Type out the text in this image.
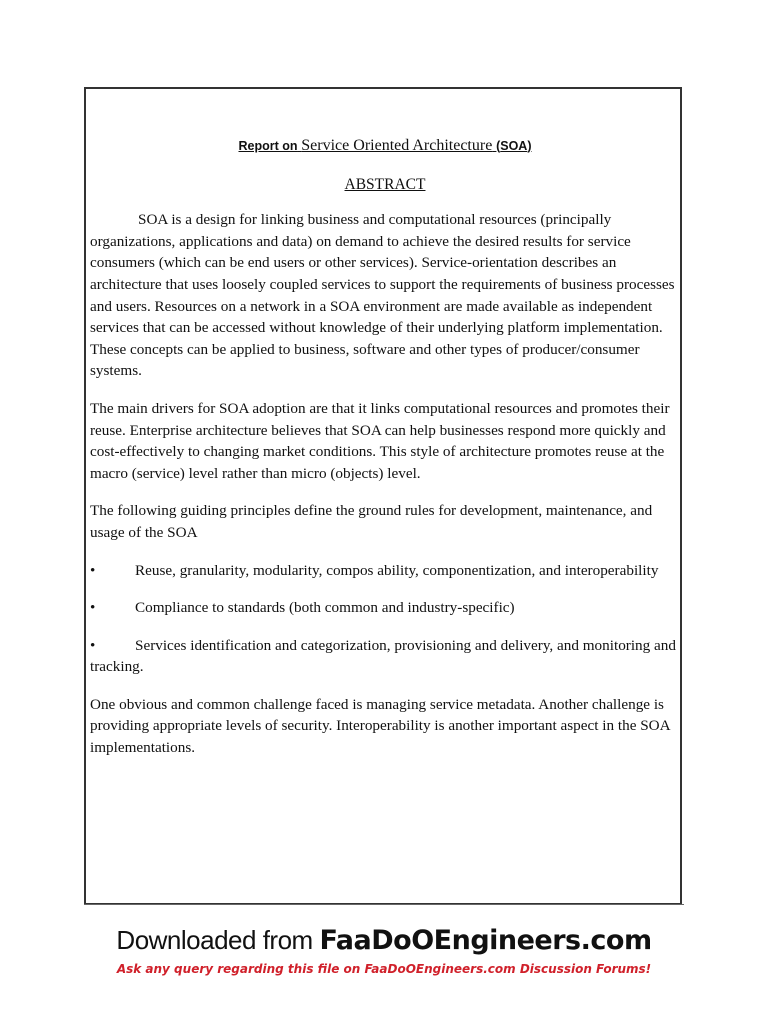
Report on Service Oriented Architecture (SOA)
ABSTRACT

SOA is a design for linking business and computational resources (principally organizations, applications and data) on demand to achieve the desired results for service consumers (which can be end users or other services). Service-orientation describes an architecture that uses loosely coupled services to support the requirements of business processes and users. Resources on a network in a SOA environment are made available as independent services that can be accessed without knowledge of their underlying platform implementation. These concepts can be applied to business, software and other types of producer/consumer systems.

The main drivers for SOA adoption are that it links computational resources and promotes their reuse. Enterprise architecture believes that SOA can help businesses respond more quickly and cost-effectively to changing market conditions. This style of architecture promotes reuse at the macro (service) level rather than micro (objects) level.

The following guiding principles define the ground rules for development, maintenance, and usage of the SOA

•	Reuse, granularity, modularity, compos ability, componentization, and interoperability
•	Compliance to standards (both common and industry-specific)
•	Services identification and categorization, provisioning and delivery, and monitoring and tracking.

One obvious and common challenge faced is managing service metadata. Another challenge is providing appropriate levels of security. Interoperability is another important aspect in the SOA implementations.

Downloaded from FaaDoOEngineers.com
Ask any query regarding this file on FaaDoOEngineers.com Discussion Forums!
